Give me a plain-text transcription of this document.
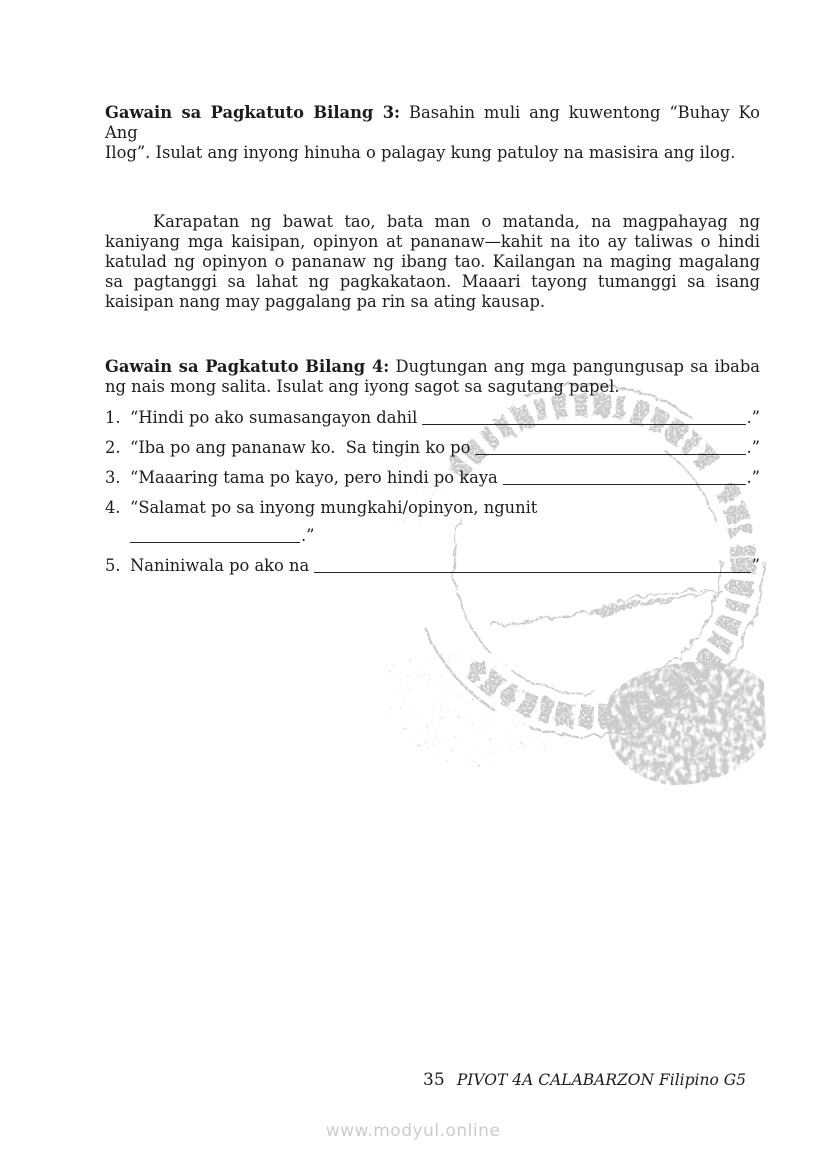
Gawain sa Pagkatuto Bilang 3: Basahin muli ang kuwentong “Buhay Ko Ang
Ilog”. Isulat ang inyong hinuha o palagay kung patuloy na masisira ang ilog.
Karapatan ng bawat tao, bata man o matanda, na magpahayag ng
kaniyang mga kaisipan, opinyon at pananaw—kahit na ito ay taliwas o hindi
katulad ng opinyon o pananaw ng ibang tao. Kailangan na maging magalang
sa pagtanggi sa lahat ng pagkakataon. Maaari tayong tumanggi sa isang
kaisipan nang may paggalang pa rin sa ating kausap.
Gawain sa Pagkatuto Bilang 4: Dugtungan ang mga pangungusap sa ibaba
ng nais mong salita. Isulat ang iyong sagot sa sagutang papel.
1. “Hindi po ako sumasangayon dahil	.”
2. “Iba po ang pananaw ko.  Sa tingin ko po	.”
3. “Maaaring tama po kayo, pero hindi po kaya	.”
4. “Salamat po sa inyong mungkahi/opinyon, ngunit
.”
5. Naniniwala po ako na	”
35 PIVOT 4A CALABARZON Filipino G5
www.modyul.online
